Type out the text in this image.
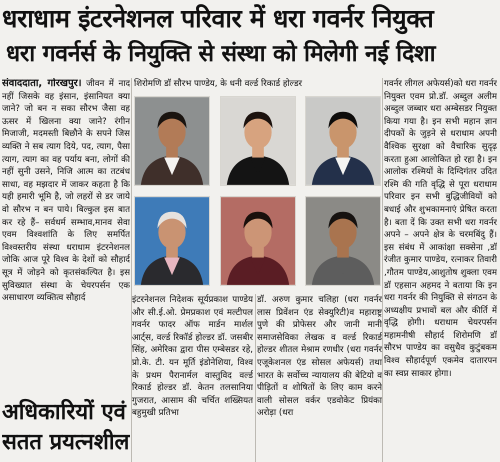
धराधाम इंटरनेशनल परिवार में धरा गवर्नर नियुक्त
धरा गवर्नर्स के नियुक्ति से संस्था को मिलेगी नई दिशा
संवाददाता, गोरखपुर। जीवन में नाद नहीं जिसके वह इंसान, इंसानियत क्या जाने? जो बन न सका सौरभ जैसा वह ऊसर में खिलना क्या जाने? रंगीन मिजाजी, मदमस्ती बिछौने के सपने जिस व्यक्ति ने सब त्याग दिये, पद, त्याग, पैसा त्याग, त्याग का वह पर्याय बना, लोगों की नहीं सुनी उसने, निजि आत्म का तटबंध साधा, वह मझदार में जाकर कहता है कि यही हमारी भूमि है, जो लहरों से डर जाये वो सौरभ न बन पाये। बिल्कुल इस बात कर रहे हैं– सर्वधर्म सम्भाव,मानव सेवा एवम विश्वशांति के लिए समर्पित विश्वस्तरीय संस्था धराधाम इंटरनेशनल जोकि आज पूरे विश्व के देशों को सौहार्द सूत्र में जोड़ने को कृतसंकल्पित है। इस सुविख्यात संस्था के चेयरपर्सन एक असाधारण व्यक्तित्व सौहार्द
शिरोमणि डॉ सौरभ पाण्डेय, के धनी वर्ल्ड रिकार्ड होल्डर
इंटरनेशनल निदेशक सूर्यप्रकाश पाण्डेय और सी.ई.ओ. प्रेमप्रकाश एवं मल्टीपल गवर्नर फादर ऑफ मार्डन मार्शल आर्ट्स, वर्ल्ड रिकॉर्ड होल्डर डॉ. जसबीर सिंह, अमेरिका द्वारा पीस एम्बेसडर रहे, प्रो.के. टी. यन मूर्ति इंडोनेशिया, विश्व के प्रथम पैरानार्मल वास्तुविद वर्ल्ड रिकार्ड होल्डर डॉ. केतन तलसानिया गुजरात, आसाम की चर्चित शख्सियत बहुमुखी प्रतिभा
डॉ. अरुण कुमार चलिहा (धरा गवर्नर लास प्रिवेंशन एंड सेक्युरिटी)व महाराष्ट्र पुणे की प्रोफेसर और जानी मानी समाजसेविका लेखक व वर्ल्ड रिकार्ड होल्डर शीतल मेश्राम रणधीर (धरा गवर्नर एजूकेशनल एंड सोसल अफेयर्स) तथा भारत के सर्वोच्च न्यायालय की बेटियो व पीड़ितों व शोषितों के लिए काम करने वाली सोसल वर्कर एडवोकेट प्रियंका अरोड़ा (धरा
गवर्नर लीगल अफेयर्स)को धरा गवर्नर नियुक्त एवम प्रो.डॉ. अब्दुल अलीम अब्दुल जब्बार धरा अम्बेसडर नियुक्त किया गया है। इन सभी महान ज्ञान दीपकों के जुड़ने से धराधाम अपनी वैश्विक सुरक्षा को वैचारिक सुदृढ़ करता हुआ आलोकित हो रहा है। इन आलोक रश्मियों के दिग्दिगंतर उदित रश्मि की गति वृद्धि से पूरा धराधाम परिवार इन सभी बुद्धिजीवियों को बधाई और शुभकामनाएं प्रेषित करता है। बता दें कि उक्त सभी धरा गवर्नर अपने – अपने क्षेत्र के चरमबिंदु हैं। इस संबंध में आकांक्षा सक्सेना ,डॉ रंजीत कुमार पाण्डेय, रत्नाकर तिवारी ,गौतम पाण्डेय,आशुतोष शुक्ला एवम डॉ एहसान अहमद ने बताया कि इन धरा गवर्नर की नियुक्ति से संगठन के अध्यक्षीय प्रभावों बल और कीर्ति में वृद्धि होगी। धराधाम चेयरपर्सन महामनीषी सौहार्द शिरोमणि डॉ सौरभ पाण्डेय का वसुधैव कुटुंबकम विश्व सौहार्दपूर्ण एकमेव दातारपन का स्वप्न साकार होगा।
अधिकारियों एवं
सतत प्रयत्नशील
